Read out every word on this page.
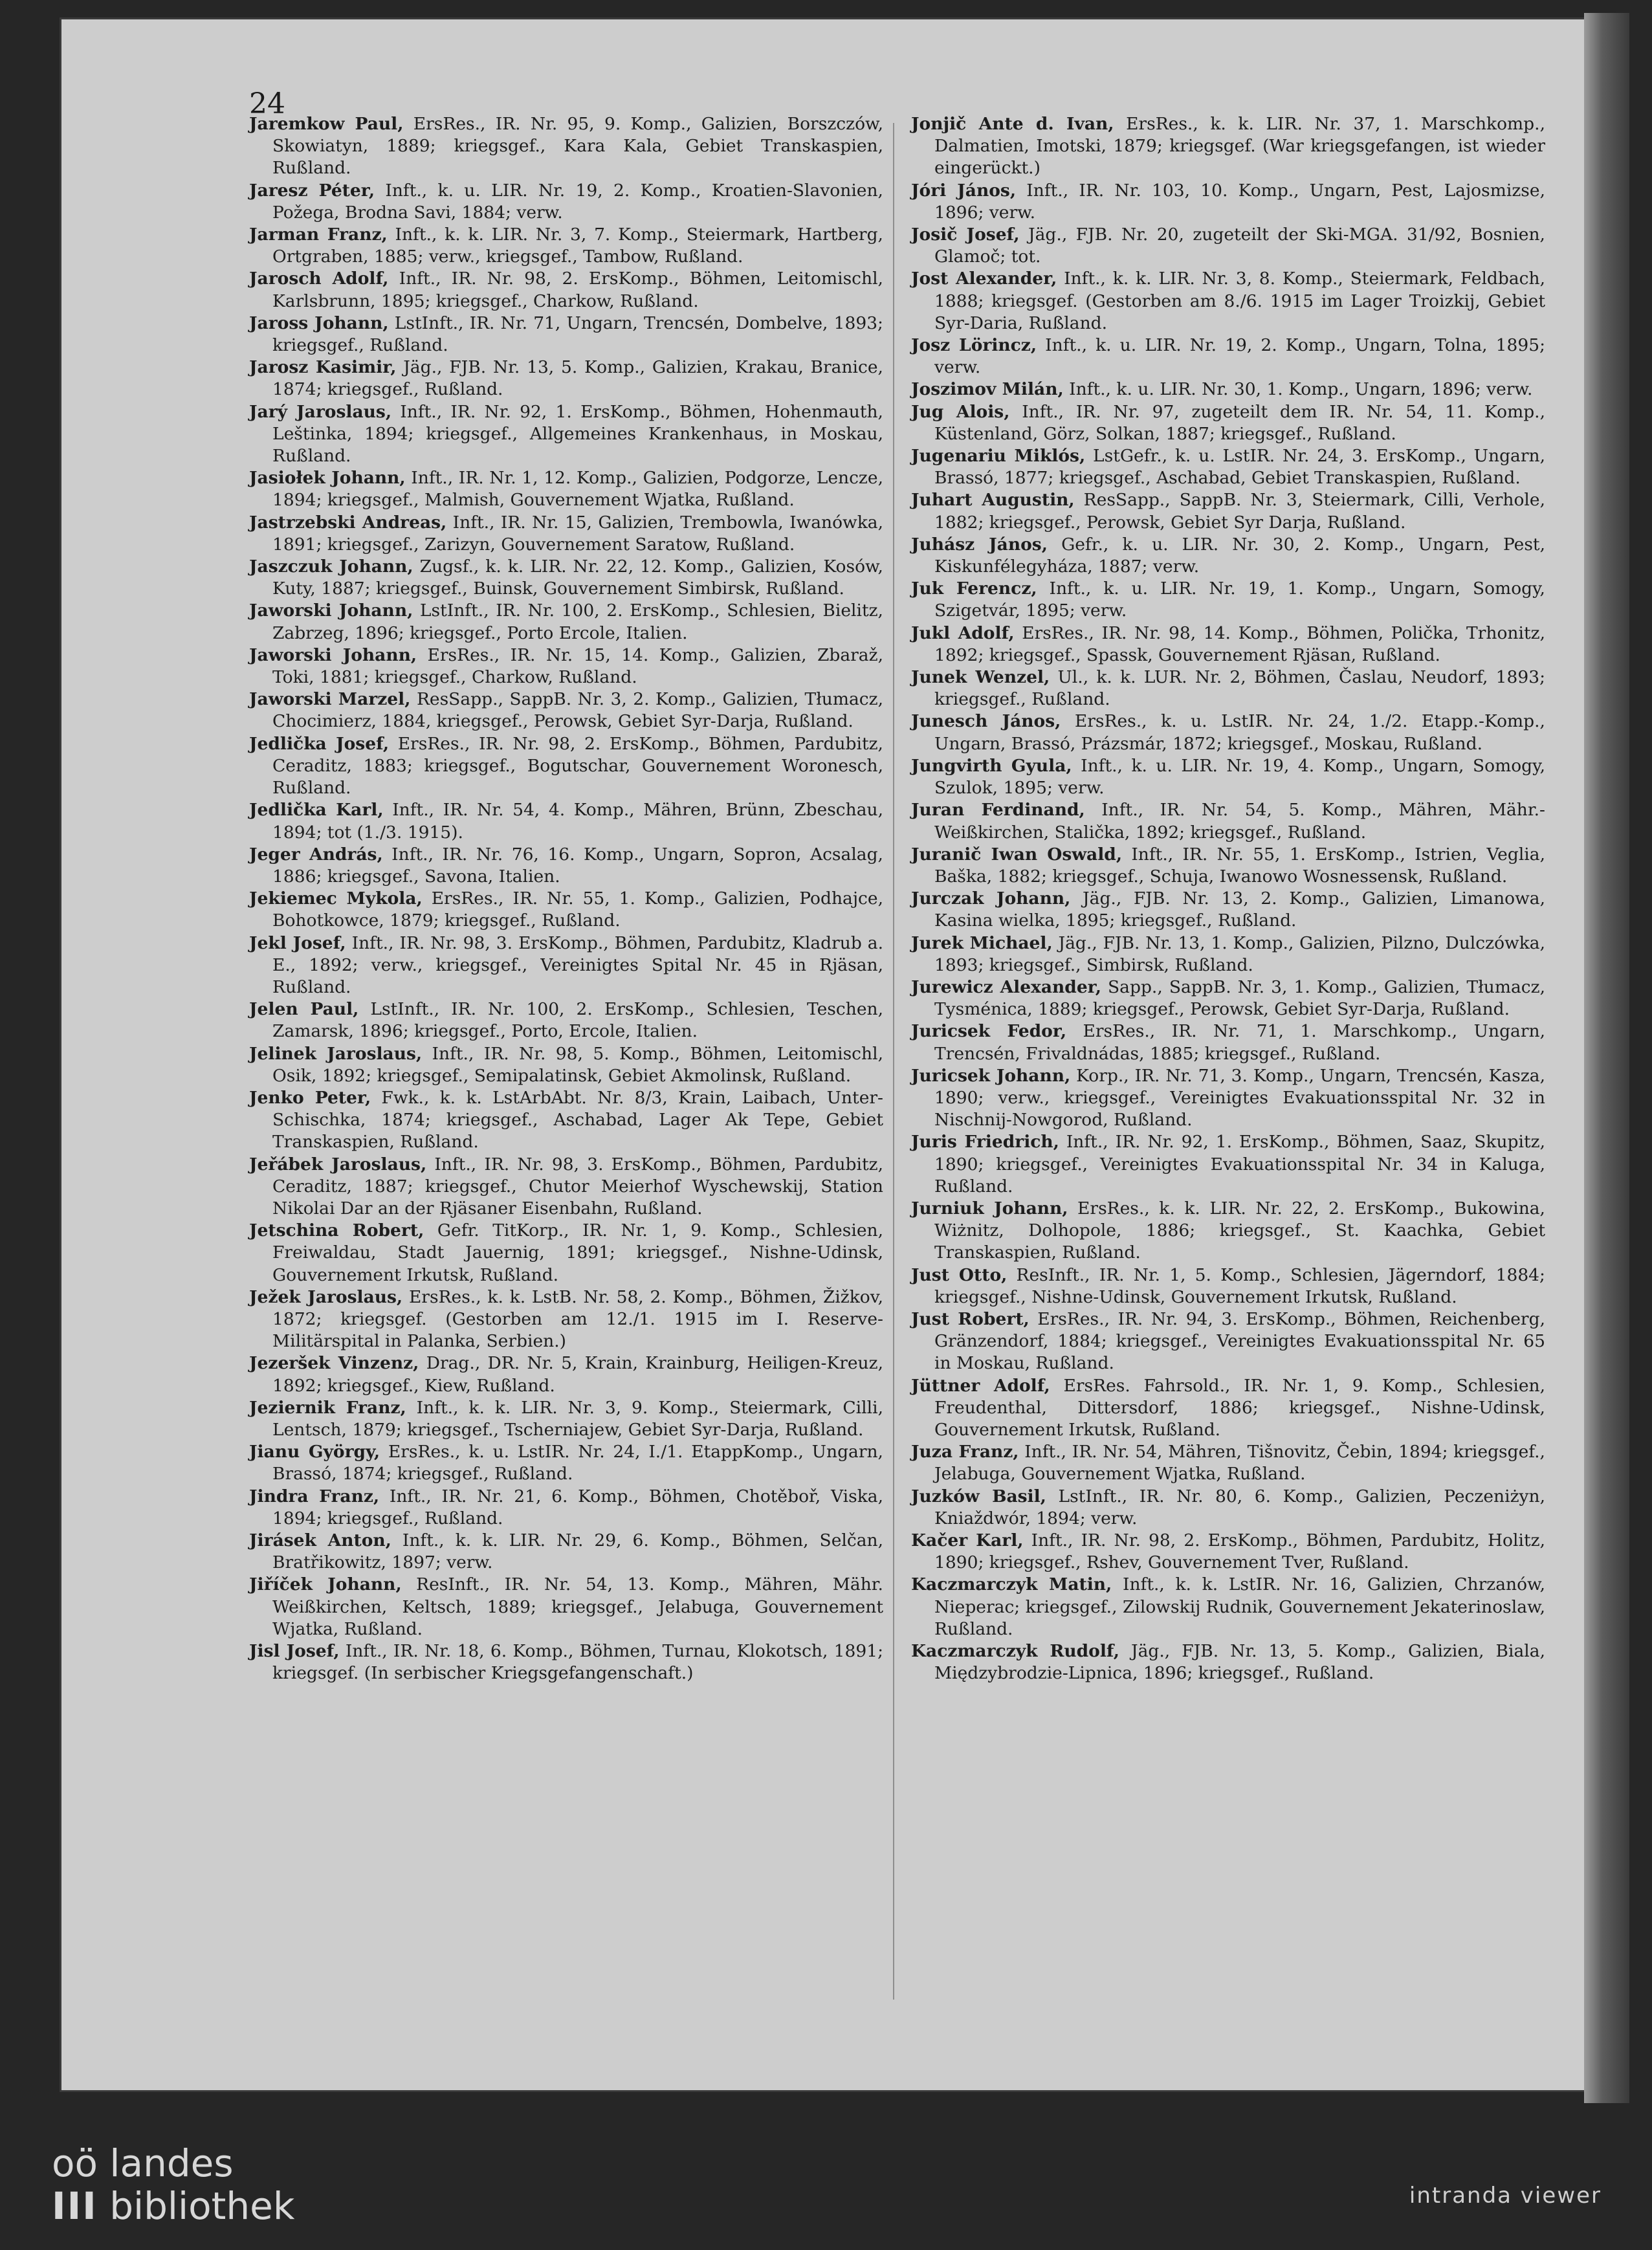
24

Jaremkow Paul, ErsRes., IR. Nr. 95, 9. Komp., Galizien, Borszczów, Skowiatyn, 1889; kriegsgef., Kara Kala, Gebiet Transkaspien, Rußland.

Jaresz Péter, Inft., k. u. LIR. Nr. 19, 2. Komp., Kroatien-Slavonien, Požega, Brodna Savi, 1884; verw.

Jarman Franz, Inft., k. k. LIR. Nr. 3, 7. Komp., Steiermark, Hartberg, Ortgraben, 1885; verw., kriegsgef., Tambow, Rußland.

Jarosch Adolf, Inft., IR. Nr. 98, 2. ErsKomp., Böhmen, Leitomischl, Karlsbrunn, 1895; kriegsgef., Charkow, Rußland.

Jaross Johann, LstInft., IR. Nr. 71, Ungarn, Trencsén, Dombelve, 1893; kriegsgef., Rußland.

Jarosz Kasimir, Jäg., FJB. Nr. 13, 5. Komp., Galizien, Krakau, Branice, 1874; kriegsgef., Rußland.

Jarý Jaroslaus, Inft., IR. Nr. 92, 1. ErsKomp., Böhmen, Hohenmauth, Leštinka, 1894; kriegsgef., Allgemeines Krankenhaus, in Moskau, Rußland.

Jasiołek Johann, Inft., IR. Nr. 1, 12. Komp., Galizien, Podgorze, Lencze, 1894; kriegsgef., Malmish, Gouvernement Wjatka, Rußland.

Jastrzebski Andreas, Inft., IR. Nr. 15, Galizien, Trembowla, Iwanówka, 1891; kriegsgef., Zarizyn, Gouvernement Saratow, Rußland.

Jaszczuk Johann, Zugsf., k. k. LIR. Nr. 22, 12. Komp., Galizien, Kosów, Kuty, 1887; kriegsgef., Buinsk, Gouvernement Simbirsk, Rußland.

Jaworski Johann, LstInft., IR. Nr. 100, 2. ErsKomp., Schlesien, Bielitz, Zabrzeg, 1896; kriegsgef., Porto Ercole, Italien.

Jaworski Johann, ErsRes., IR. Nr. 15, 14. Komp., Galizien, Zbaraž, Toki, 1881; kriegsgef., Charkow, Rußland.

Jaworski Marzel, ResSapp., SappB. Nr. 3, 2. Komp., Galizien, Tłumacz, Chocimierz, 1884, kriegsgef., Perowsk, Gebiet Syr-Darja, Rußland.

Jedlička Josef, ErsRes., IR. Nr. 98, 2. ErsKomp., Böhmen, Pardubitz, Ceraditz, 1883; kriegsgef., Bogutschar, Gouvernement Woronesch, Rußland.

Jedlička Karl, Inft., IR. Nr. 54, 4. Komp., Mähren, Brünn, Zbeschau, 1894; tot (1./3. 1915).

Jeger András, Inft., IR. Nr. 76, 16. Komp., Ungarn, Sopron, Acsalag, 1886; kriegsgef., Savona, Italien.

Jekiemec Mykola, ErsRes., IR. Nr. 55, 1. Komp., Galizien, Podhajce, Bohotkowce, 1879; kriegsgef., Rußland.

Jekl Josef, Inft., IR. Nr. 98, 3. ErsKomp., Böhmen, Pardubitz, Kladrub a. E., 1892; verw., kriegsgef., Vereinigtes Spital Nr. 45 in Rjäsan, Rußland.

Jelen Paul, LstInft., IR. Nr. 100, 2. ErsKomp., Schlesien, Teschen, Zamarsk, 1896; kriegsgef., Porto, Ercole, Italien.

Jelinek Jaroslaus, Inft., IR. Nr. 98, 5. Komp., Böhmen, Leitomischl, Osik, 1892; kriegsgef., Semipalatinsk, Gebiet Akmolinsk, Rußland.

Jenko Peter, Fwk., k. k. LstArbAbt. Nr. 8/3, Krain, Laibach, Unter-Schischka, 1874; kriegsgef., Aschabad, Lager Ak Tepe, Gebiet Transkaspien, Rußland.

Jeřábek Jaroslaus, Inft., IR. Nr. 98, 3. ErsKomp., Böhmen, Pardubitz, Ceraditz, 1887; kriegsgef., Chutor Meierhof Wyschewskij, Station Nikolai Dar an der Rjäsaner Eisenbahn, Rußland.

Jetschina Robert, Gefr. TitKorp., IR. Nr. 1, 9. Komp., Schlesien, Freiwaldau, Stadt Jauernig, 1891; kriegsgef., Nishne-Udinsk, Gouvernement Irkutsk, Rußland.

Ježek Jaroslaus, ErsRes., k. k. LstB. Nr. 58, 2. Komp., Böhmen, Žižkov, 1872; kriegsgef. (Gestorben am 12./1. 1915 im I. Reserve-Militärspital in Palanka, Serbien.)

Jezeršek Vinzenz, Drag., DR. Nr. 5, Krain, Krainburg, Heiligen-Kreuz, 1892; kriegsgef., Kiew, Rußland.

Jeziernik Franz, Inft., k. k. LIR. Nr. 3, 9. Komp., Steiermark, Cilli, Lentsch, 1879; kriegsgef., Tscherniajew, Gebiet Syr-Darja, Rußland.

Jianu György, ErsRes., k. u. LstIR. Nr. 24, I./1. EtappKomp., Ungarn, Brassó, 1874; kriegsgef., Rußland.

Jindra Franz, Inft., IR. Nr. 21, 6. Komp., Böhmen, Chotěboř, Viska, 1894; kriegsgef., Rußland.

Jirásek Anton, Inft., k. k. LIR. Nr. 29, 6. Komp., Böhmen, Selčan, Bratřikowitz, 1897; verw.

Jiříček Johann, ResInft., IR. Nr. 54, 13. Komp., Mähren, Mähr. Weißkirchen, Keltsch, 1889; kriegsgef., Jelabuga, Gouvernement Wjatka, Rußland.

Jisl Josef, Inft., IR. Nr. 18, 6. Komp., Böhmen, Turnau, Klokotsch, 1891; kriegsgef. (In serbischer Kriegsgefangenschaft.)

Jonjič Ante d. Ivan, ErsRes., k. k. LIR. Nr. 37, 1. Marschkomp., Dalmatien, Imotski, 1879; kriegsgef. (War kriegsgefangen, ist wieder eingerückt.)

Jóri János, Inft., IR. Nr. 103, 10. Komp., Ungarn, Pest, Lajosmizse, 1896; verw.

Josič Josef, Jäg., FJB. Nr. 20, zugeteilt der Ski-MGA. 31/92, Bosnien, Glamoč; tot.

Jost Alexander, Inft., k. k. LIR. Nr. 3, 8. Komp., Steiermark, Feldbach, 1888; kriegsgef. (Gestorben am 8./6. 1915 im Lager Troizkij, Gebiet Syr-Daria, Rußland.

Josz Lörincz, Inft., k. u. LIR. Nr. 19, 2. Komp., Ungarn, Tolna, 1895; verw.

Joszimov Milán, Inft., k. u. LIR. Nr. 30, 1. Komp., Ungarn, 1896; verw.

Jug Alois, Inft., IR. Nr. 97, zugeteilt dem IR. Nr. 54, 11. Komp., Küstenland, Görz, Solkan, 1887; kriegsgef., Rußland.

Jugenariu Miklós, LstGefr., k. u. LstIR. Nr. 24, 3. ErsKomp., Ungarn, Brassó, 1877; kriegsgef., Aschabad, Gebiet Transkaspien, Rußland.

Juhart Augustin, ResSapp., SappB. Nr. 3, Steiermark, Cilli, Verhole, 1882; kriegsgef., Perowsk, Gebiet Syr Darja, Rußland.

Juhász János, Gefr., k. u. LIR. Nr. 30, 2. Komp., Ungarn, Pest, Kiskunfélegyháza, 1887; verw.

Juk Ferencz, Inft., k. u. LIR. Nr. 19, 1. Komp., Ungarn, Somogy, Szigetvár, 1895; verw.

Jukl Adolf, ErsRes., IR. Nr. 98, 14. Komp., Böhmen, Polička, Trhonitz, 1892; kriegsgef., Spassk, Gouvernement Rjäsan, Rußland.

Junek Wenzel, Ul., k. k. LUR. Nr. 2, Böhmen, Časlau, Neudorf, 1893; kriegsgef., Rußland.

Junesch János, ErsRes., k. u. LstIR. Nr. 24, 1./2. Etapp.-Komp., Ungarn, Brassó, Prázsmár, 1872; kriegsgef., Moskau, Rußland.

Jungvirth Gyula, Inft., k. u. LIR. Nr. 19, 4. Komp., Ungarn, Somogy, Szulok, 1895; verw.

Juran Ferdinand, Inft., IR. Nr. 54, 5. Komp., Mähren, Mähr.-Weißkirchen, Stalička, 1892; kriegsgef., Rußland.

Juranič Iwan Oswald, Inft., IR. Nr. 55, 1. ErsKomp., Istrien, Veglia, Baška, 1882; kriegsgef., Schuja, Iwanowo Wosnessensk, Rußland.

Jurczak Johann, Jäg., FJB. Nr. 13, 2. Komp., Galizien, Limanowa, Kasina wielka, 1895; kriegsgef., Rußland.

Jurek Michael, Jäg., FJB. Nr. 13, 1. Komp., Galizien, Pilzno, Dulczówka, 1893; kriegsgef., Simbirsk, Rußland.

Jurewicz Alexander, Sapp., SappB. Nr. 3, 1. Komp., Galizien, Tłumacz, Tysménica, 1889; kriegsgef., Perowsk, Gebiet Syr-Darja, Rußland.

Juricsek Fedor, ErsRes., IR. Nr. 71, 1. Marschkomp., Ungarn, Trencsén, Frivaldnádas, 1885; kriegsgef., Rußland.

Juricsek Johann, Korp., IR. Nr. 71, 3. Komp., Ungarn, Trencsén, Kasza, 1890; verw., kriegsgef., Vereinigtes Evakuationsspital Nr. 32 in Nischnij-Nowgorod, Rußland.

Juris Friedrich, Inft., IR. Nr. 92, 1. ErsKomp., Böhmen, Saaz, Skupitz, 1890; kriegsgef., Vereinigtes Evakuationsspital Nr. 34 in Kaluga, Rußland.

Jurniuk Johann, ErsRes., k. k. LIR. Nr. 22, 2. ErsKomp., Bukowina, Wiżnitz, Dolhopole, 1886; kriegsgef., St. Kaachka, Gebiet Transkaspien, Rußland.

Just Otto, ResInft., IR. Nr. 1, 5. Komp., Schlesien, Jägerndorf, 1884; kriegsgef., Nishne-Udinsk, Gouvernement Irkutsk, Rußland.

Just Robert, ErsRes., IR. Nr. 94, 3. ErsKomp., Böhmen, Reichenberg, Gränzendorf, 1884; kriegsgef., Vereinigtes Evakuationsspital Nr. 65 in Moskau, Rußland.

Jüttner Adolf, ErsRes. Fahrsold., IR. Nr. 1, 9. Komp., Schlesien, Freudenthal, Dittersdorf, 1886; kriegsgef., Nishne-Udinsk, Gouvernement Irkutsk, Rußland.

Juza Franz, Inft., IR. Nr. 54, Mähren, Tišnovitz, Čebin, 1894; kriegsgef., Jelabuga, Gouvernement Wjatka, Rußland.

Juzków Basil, LstInft., IR. Nr. 80, 6. Komp., Galizien, Peczeniżyn, Kniaždwór, 1894; verw.

Kačer Karl, Inft., IR. Nr. 98, 2. ErsKomp., Böhmen, Pardubitz, Holitz, 1890; kriegsgef., Rshev, Gouvernement Tver, Rußland.

Kaczmarczyk Matin, Inft., k. k. LstIR. Nr. 16, Galizien, Chrzanów, Nieperac; kriegsgef., Zilowskij Rudnik, Gouvernement Jekaterinoslaw, Rußland.

Kaczmarczyk Rudolf, Jäg., FJB. Nr. 13, 5. Komp., Galizien, Biala, Międzybrodzie-Lipnica, 1896; kriegsgef., Rußland.

oö landes
III bibliothek	intranda viewer
